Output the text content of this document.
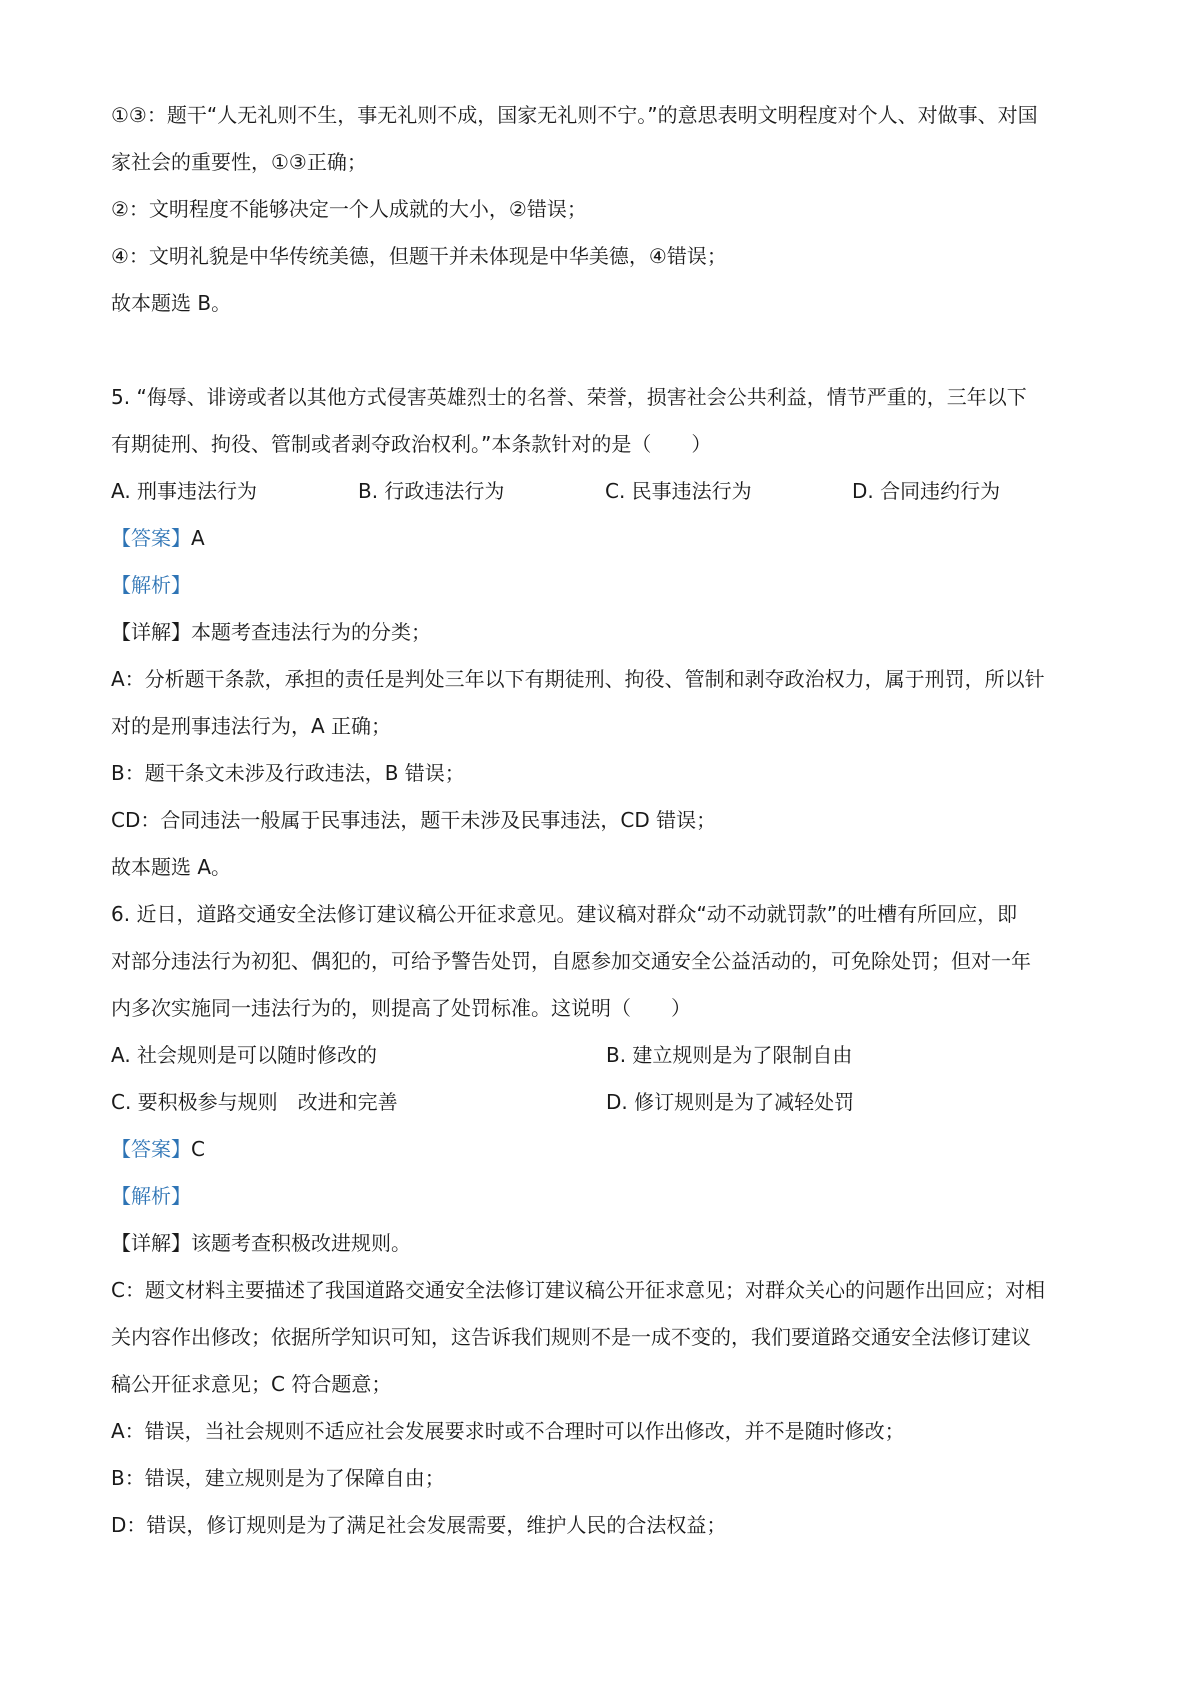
①③：题干“人无礼则不生，事无礼则不成，国家无礼则不宁。”的意思表明文明程度对个人、对做事、对国
家社会的重要性，①③正确；
②：文明程度不能够决定一个人成就的大小，②错误；
④：文明礼貌是中华传统美德，但题干并未体现是中华美德，④错误；
故本题选 B。
5. “侮辱、诽谤或者以其他方式侵害英雄烈士的名誉、荣誉，损害社会公共利益，情节严重的，三年以下
有期徒刑、拘役、管制或者剥夺政治权利。”本条款针对的是（　　）
A. 刑事违法行为	B. 行政违法行为	C. 民事违法行为	D. 合同违约行为
【答案】A
【解析】
【详解】本题考查违法行为的分类；
A：分析题干条款，承担的责任是判处三年以下有期徒刑、拘役、管制和剥夺政治权力，属于刑罚，所以针
对的是刑事违法行为，A 正确；
B：题干条文未涉及行政违法，B 错误；
CD：合同违法一般属于民事违法，题干未涉及民事违法，CD 错误；
故本题选 A。
6. 近日，道路交通安全法修订建议稿公开征求意见。建议稿对群众“动不动就罚款”的吐槽有所回应，即
对部分违法行为初犯、偶犯的，可给予警告处罚，自愿参加交通安全公益活动的，可免除处罚；但对一年
内多次实施同一违法行为的，则提高了处罚标准。这说明（　　）
A. 社会规则是可以随时修改的	B. 建立规则是为了限制自由
C. 要积极参与规则　改进和完善	D. 修订规则是为了减轻处罚
【答案】C
【解析】
【详解】该题考查积极改进规则。
C：题文材料主要描述了我国道路交通安全法修订建议稿公开征求意见；对群众关心的问题作出回应；对相
关内容作出修改；依据所学知识可知，这告诉我们规则不是一成不变的，我们要道路交通安全法修订建议
稿公开征求意见；C 符合题意；
A：错误，当社会规则不适应社会发展要求时或不合理时可以作出修改，并不是随时修改；
B：错误，建立规则是为了保障自由；
D：错误，修订规则是为了满足社会发展需要，维护人民的合法权益；
